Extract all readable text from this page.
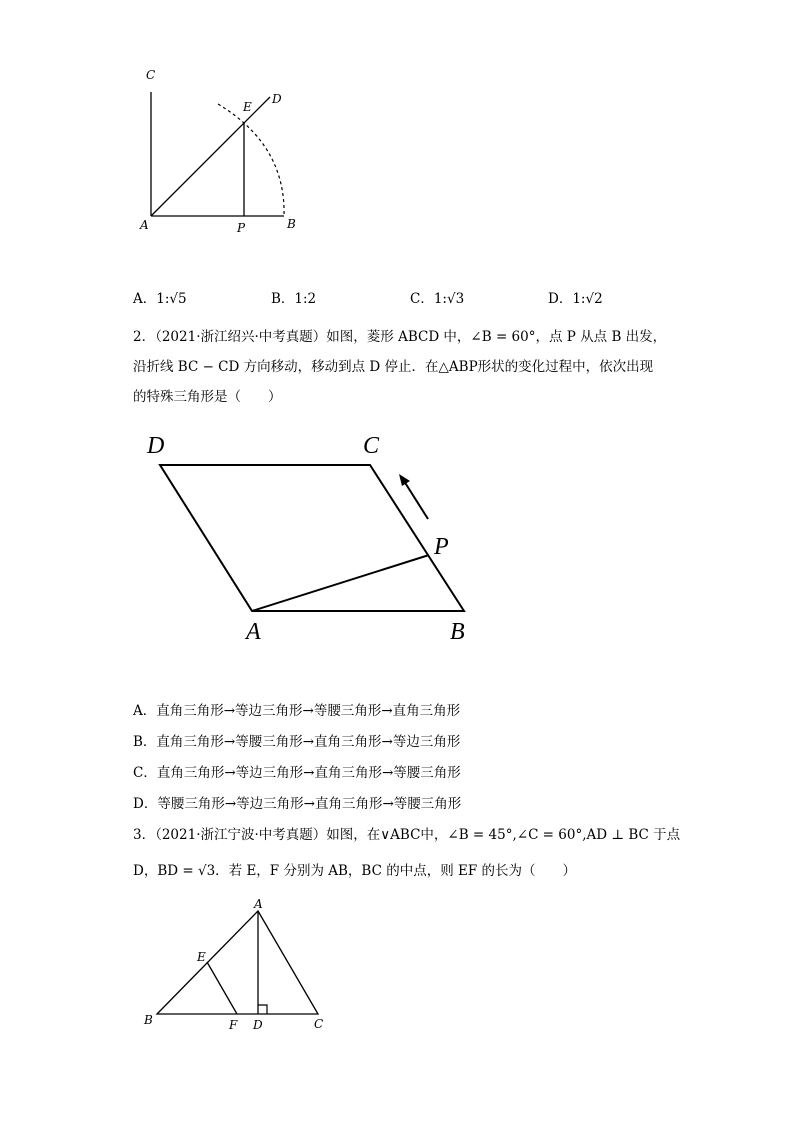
C
D
E
A	P	B
A．1:√5	B．1:2	C．1:√3	D．1:√2
2．（2021·浙江绍兴·中考真题）如图，菱形 ABCD 中，∠B = 60°，点 P 从点 B 出发，
沿折线 BC − CD 方向移动，移动到点 D 停止．在△ABP形状的变化过程中，依次出现
的特殊三角形是（　　）
D	C
P
A	B
A．直角三角形→等边三角形→等腰三角形→直角三角形
B．直角三角形→等腰三角形→直角三角形→等边三角形
C．直角三角形→等边三角形→直角三角形→等腰三角形
D．等腰三角形→等边三角形→直角三角形→等腰三角形
3．（2021·浙江宁波·中考真题）如图，在∨ABC中，∠B = 45°,∠C = 60°,AD ⊥ BC 于点
D，BD = √3．若 E，F 分别为 AB，BC 的中点，则 EF 的长为（　　）
A
E
B	F D	C
